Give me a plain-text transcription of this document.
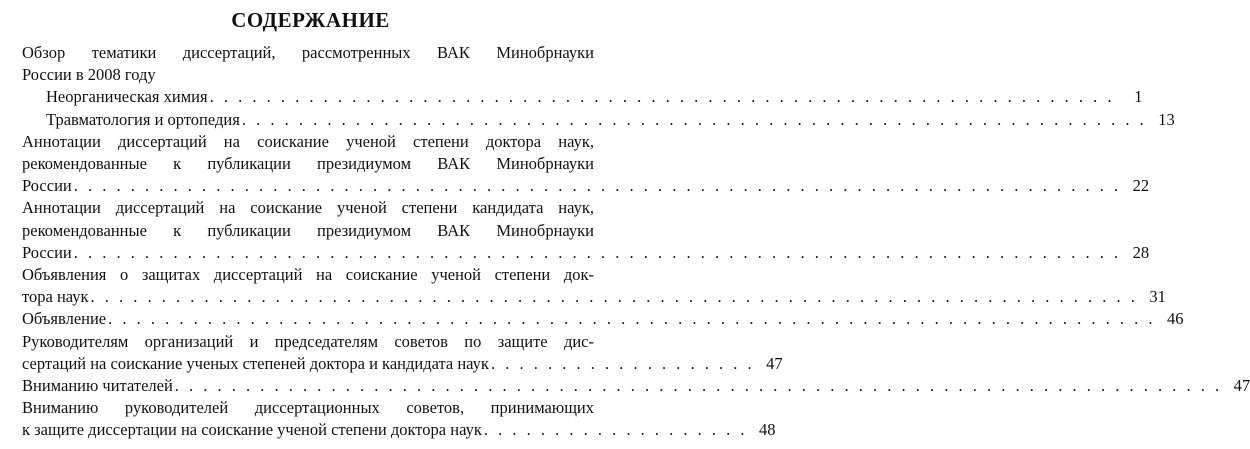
СОДЕРЖАНИЕ
Обзор тематики диссертаций, рассмотренных ВАК Минобрнауки
России в 2008 году
Неорганическая химия . . . . . . . . . . . . . . . . . . . . . . . . . . . . . . . . . . . . . . . . . . . . . . . . . . . . . . . . . . . . . . . .	1
Травматология и ортопедия . . . . . . . . . . . . . . . . . . . . . . . . . . . . . . . . . . . . . . . . . . . . . . . . . . . . . . . . . . . . . . . . 13
Аннотации диссертаций на соискание ученой степени доктора наук,
рекомендованные к публикации президиумом ВАК Минобрнауки
России . . . . . . . . . . . . . . . . . . . . . . . . . . . . . . . . . . . . . . . . . . . . . . . . . . . . . . . . . . . . . . . . . . . . . . . . . . 22
Аннотации диссертаций на соискание ученой степени кандидата наук,
рекомендованные к публикации президиумом ВАК Минобрнауки
России . . . . . . . . . . . . . . . . . . . . . . . . . . . . . . . . . . . . . . . . . . . . . . . . . . . . . . . . . . . . . . . . . . . . . . . . . . 28
Объявления о защитах диссертаций на соискание ученой степени док-
тора наук . . . . . . . . . . . . . . . . . . . . . . . . . . . . . . . . . . . . . . . . . . . . . . . . . . . . . . . . . . . . . . . . . . . . . . . . . . 31
Объявление . . . . . . . . . . . . . . . . . . . . . . . . . . . . . . . . . . . . . . . . . . . . . . . . . . . . . . . . . . . . . . . . . . . . . . . . . . 46
Руководителям организаций и председателям советов по защите дис-
сертаций на соискание ученых степеней доктора и кандидата наук . . . . . . . . . . . . . . . . . . . 47
Вниманию читателей . . . . . . . . . . . . . . . . . . . . . . . . . . . . . . . . . . . . . . . . . . . . . . . . . . . . . . . . . . . . . . . . . . . . . . . . . . 47
Вниманию руководителей диссертационных советов, принимающих
к защите диссертации на соискание ученой степени доктора наук . . . . . . . . . . . . . . . . . . . 48
